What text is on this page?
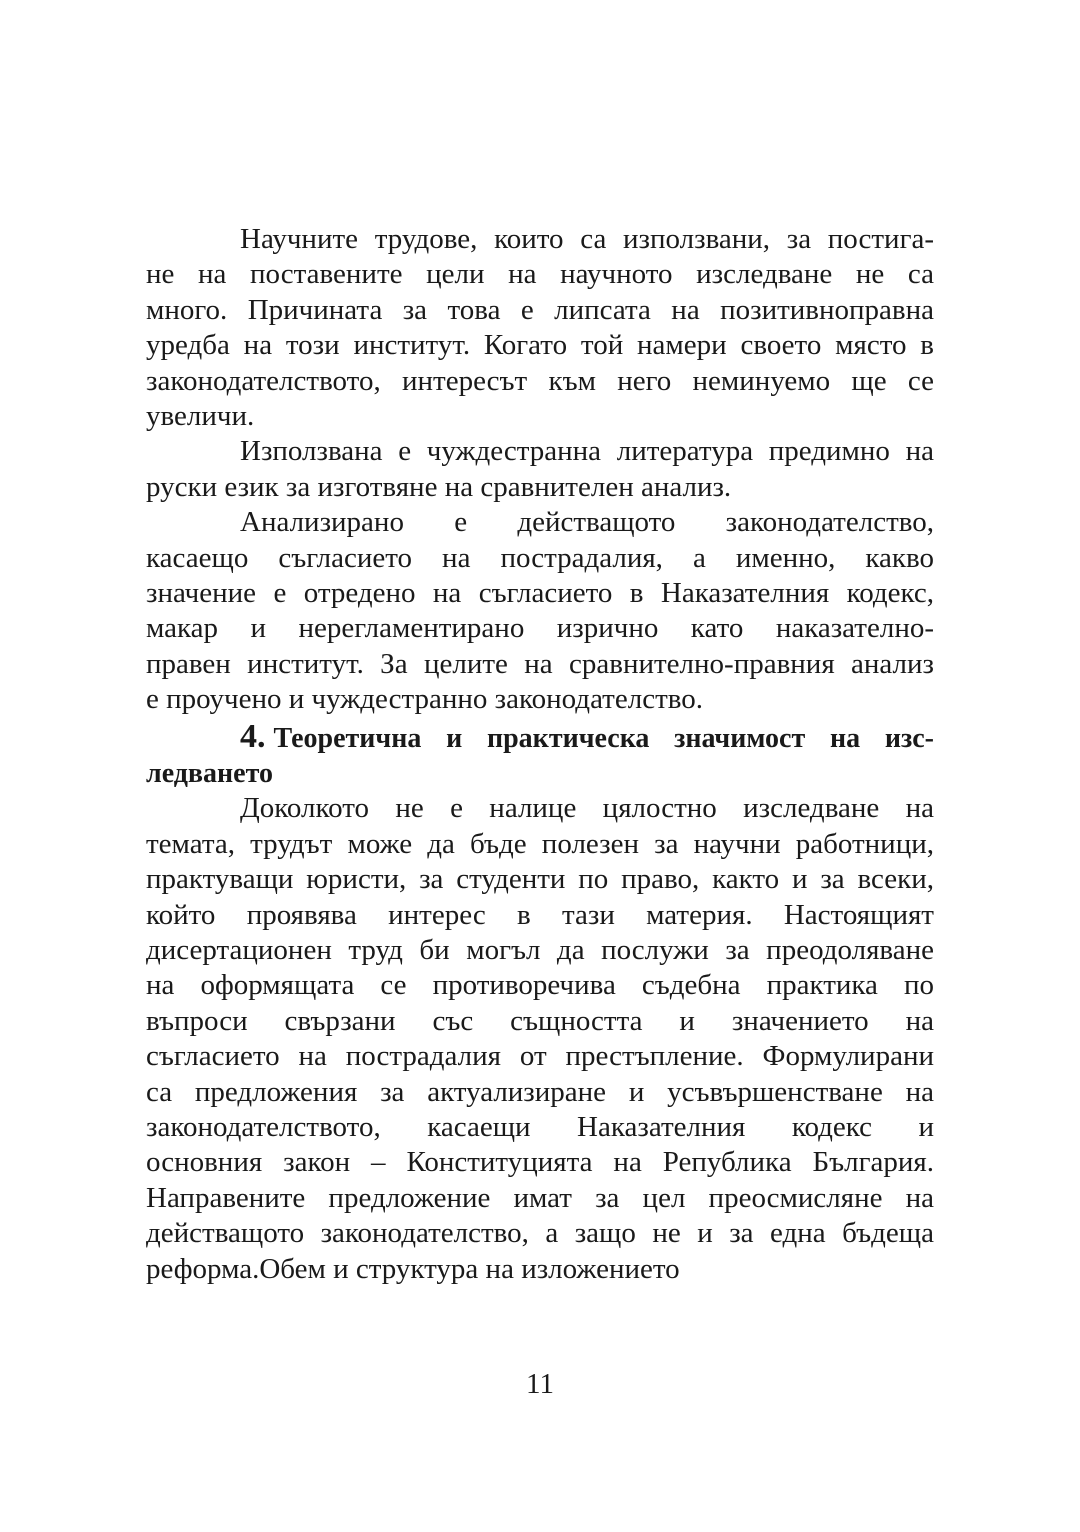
Научните трудове, които са използвани, за постига-
не на поставените цели на научното изследване не са
много. Причината за това е липсата на позитивноправна
уредба на този институт. Когато той намери своето място в
законодателството, интересът към него неминуемо ще се
увеличи.
Използвана е чуждестранна литература предимно на
руски език за изготвяне на сравнителен анализ.
Анализирано е действащото законодателство,
касаещо съгласието на пострадалия, а именно, какво
значение е отредено на съгласието в Наказателния кодекс,
макар и нерегламентирано изрично като наказателно-
правен институт. За целите на сравнително-правния анализ
е проучено и чуждестранно законодателство.
4. Теоретична и практическа значимост на изс-
ледването
Доколкото не е налице цялостно изследване на
темата, трудът може да бъде полезен за научни работници,
практуващи юристи, за студенти по право, както и за всеки,
който проявява интерес в тази материя. Настоящият
дисертационен труд би могъл да послужи за преодоляване
на оформящата се противоречива съдебна практика по
въпроси свързани със същността и значението на
съгласието на пострадалия от престъпление. Формулирани
са предложения за актуализиране и усъвършенстване на
законодателството, касаещи Наказателния кодекс и
основния закон – Конституцията на Република България.
Направените предложение имат за цел преосмисляне на
действащото законодателство, а защо не и за една бъдеща
реформа.Обем и структура на изложението
11
